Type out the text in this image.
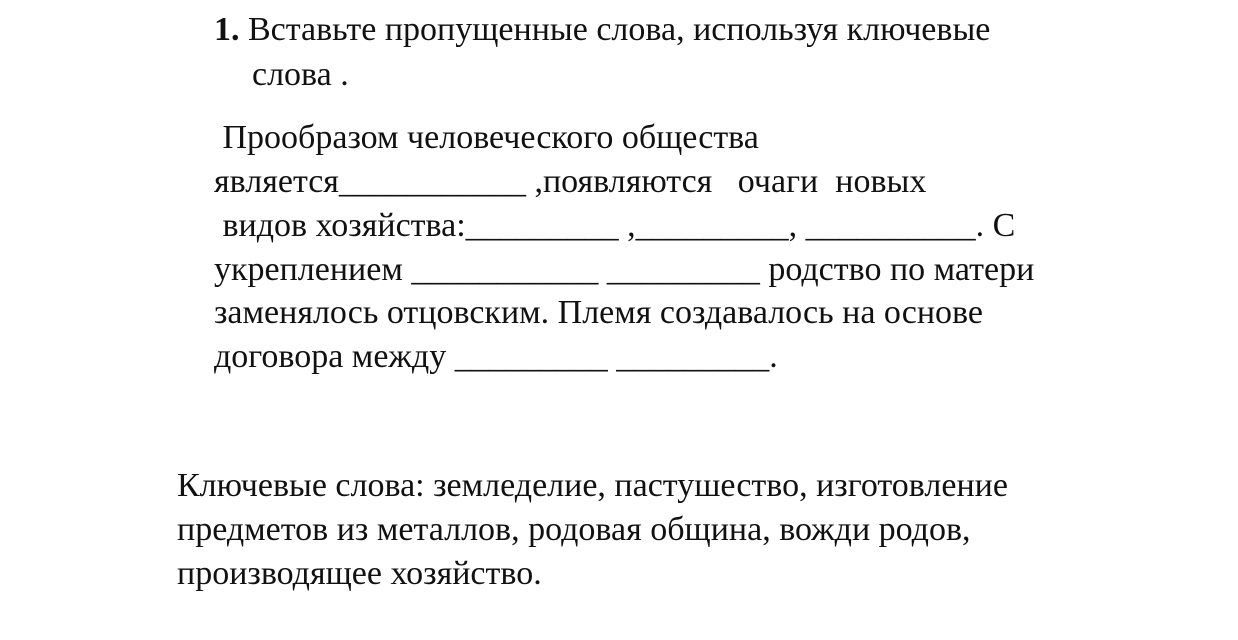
1. Вставьте пропущенные слова, используя ключевые
слова .
Прообразом человеческого общества
является___________ ,появляются   очаги  новых
видов хозяйства:_________ ,_________, __________. С
укреплением ___________ _________ родство по матери
заменялось отцовским. Племя создавалось на основе
договора между _________ _________.
Ключевые слова: земледелие, пастушество, изготовление
предметов из металлов, родовая община, вожди родов,
производящее хозяйство.
